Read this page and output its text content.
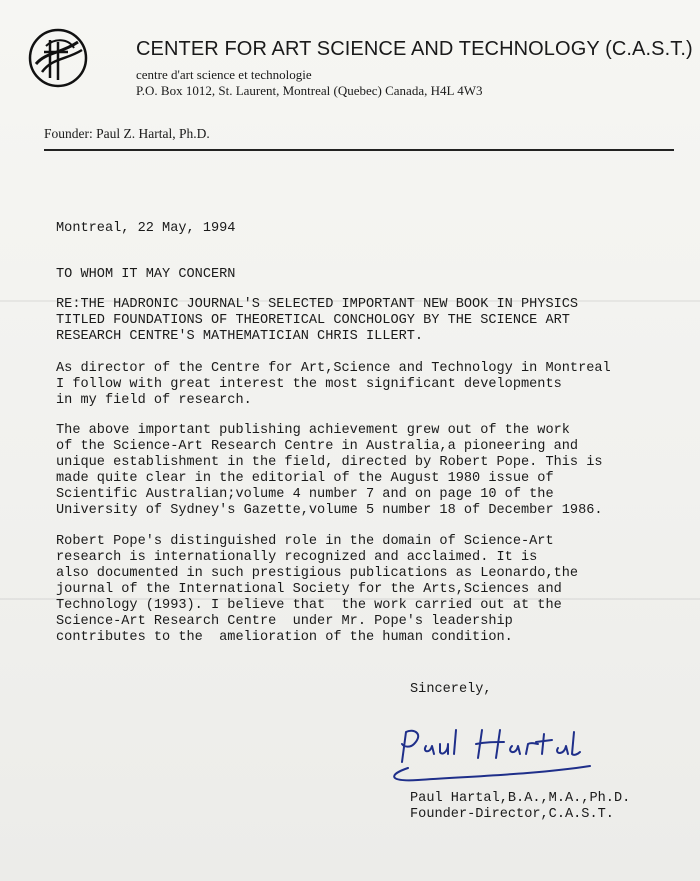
CENTER FOR ART SCIENCE AND TECHNOLOGY (C.A.S.T.)
centre d'art science et technologie
P.O. Box 1012, St. Laurent, Montreal (Quebec) Canada, H4L 4W3
Founder: Paul Z. Hartal, Ph.D.
Montreal, 22 May, 1994
TO WHOM IT MAY CONCERN
RE:THE HADRONIC JOURNAL'S SELECTED IMPORTANT NEW BOOK IN PHYSICS
TITLED FOUNDATIONS OF THEORETICAL CONCHOLOGY BY THE SCIENCE ART
RESEARCH CENTRE'S MATHEMATICIAN CHRIS ILLERT.
As director of the Centre for Art,Science and Technology in Montreal
I follow with great interest the most significant developments
in my field of research.
The above important publishing achievement grew out of the work
of the Science-Art Research Centre in Australia,a pioneering and
unique establishment in the field, directed by Robert Pope. This is
made quite clear in the editorial of the August 1980 issue of
Scientific Australian;volume 4 number 7 and on page 10 of the
University of Sydney's Gazette,volume 5 number 18 of December 1986.
Robert Pope's distinguished role in the domain of Science-Art
research is internationally recognized and acclaimed. It is
also documented in such prestigious publications as Leonardo,the
journal of the International Society for the Arts,Sciences and
Technology (1993). I believe that  the work carried out at the
Science-Art Research Centre  under Mr. Pope's leadership
contributes to the  amelioration of the human condition.
Sincerely,
Paul Hartal,B.A.,M.A.,Ph.D.
Founder-Director,C.A.S.T.
